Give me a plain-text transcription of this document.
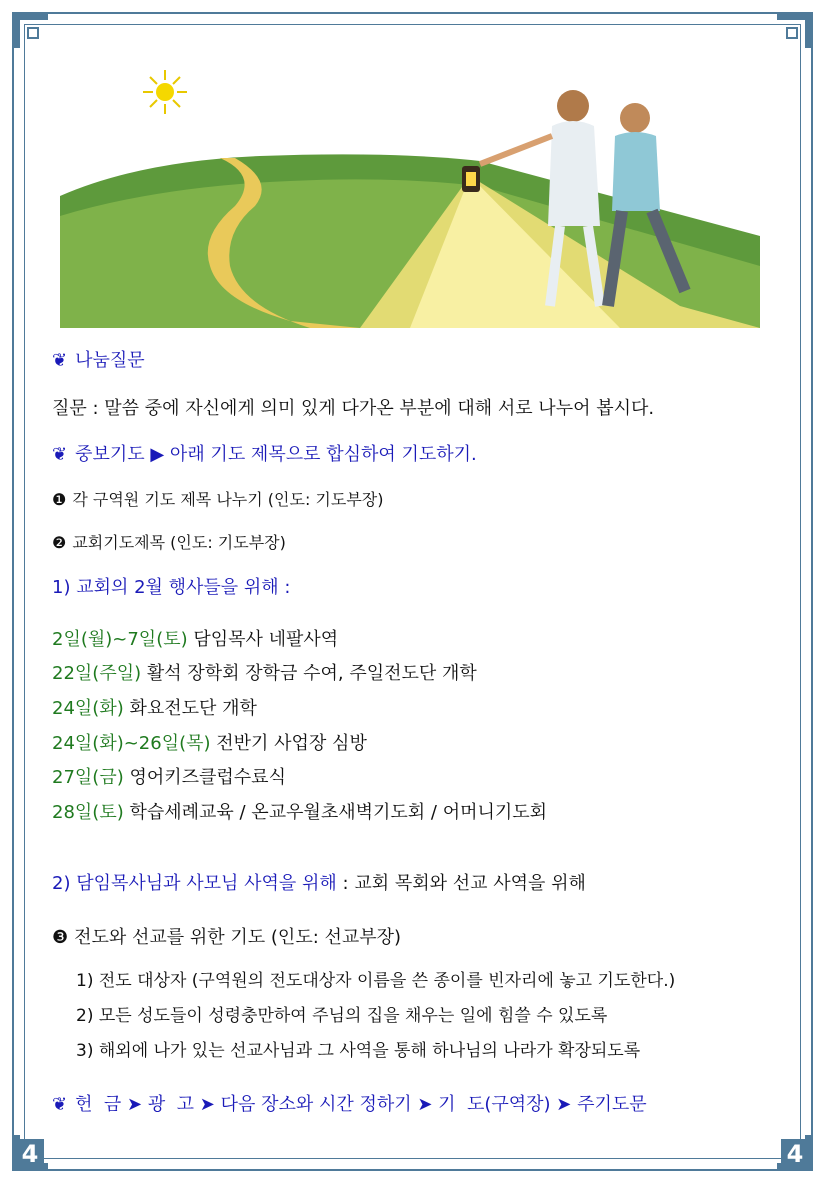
4	4
❦ 나눔질문
질문 : 말씀 중에 자신에게 의미 있게 다가온 부분에 대해 서로 나누어 봅시다.
❦ 중보기도 ▶ 아래 기도 제목으로 합심하여 기도하기.
❶ 각 구역원 기도 제목 나누기 (인도: 기도부장)
❷ 교회기도제목 (인도: 기도부장)
1) 교회의 2월 행사들을 위해 :
2일(월)~7일(토) 담임목사 네팔사역
22일(주일) 활석 장학회 장학금 수여, 주일전도단 개학
24일(화) 화요전도단 개학
24일(화)~26일(목) 전반기 사업장 심방
27일(금) 영어키즈클럽수료식
28일(토) 학습세례교육 / 온교우월초새벽기도회 / 어머니기도회
2) 담임목사님과 사모님 사역을 위해 : 교회 목회와 선교 사역을 위해
❸ 전도와 선교를 위한 기도 (인도: 선교부장)
1) 전도 대상자 (구역원의 전도대상자 이름을 쓴 종이를 빈자리에 놓고 기도한다.)
2) 모든 성도들이 성령충만하여 주님의 집을 채우는 일에 힘쓸 수 있도록
3) 해외에 나가 있는 선교사님과 그 사역을 통해 하나님의 나라가 확장되도록
❦ 헌  금 ➤ 광  고 ➤ 다음 장소와 시간 정하기 ➤ 기  도(구역장) ➤ 주기도문
